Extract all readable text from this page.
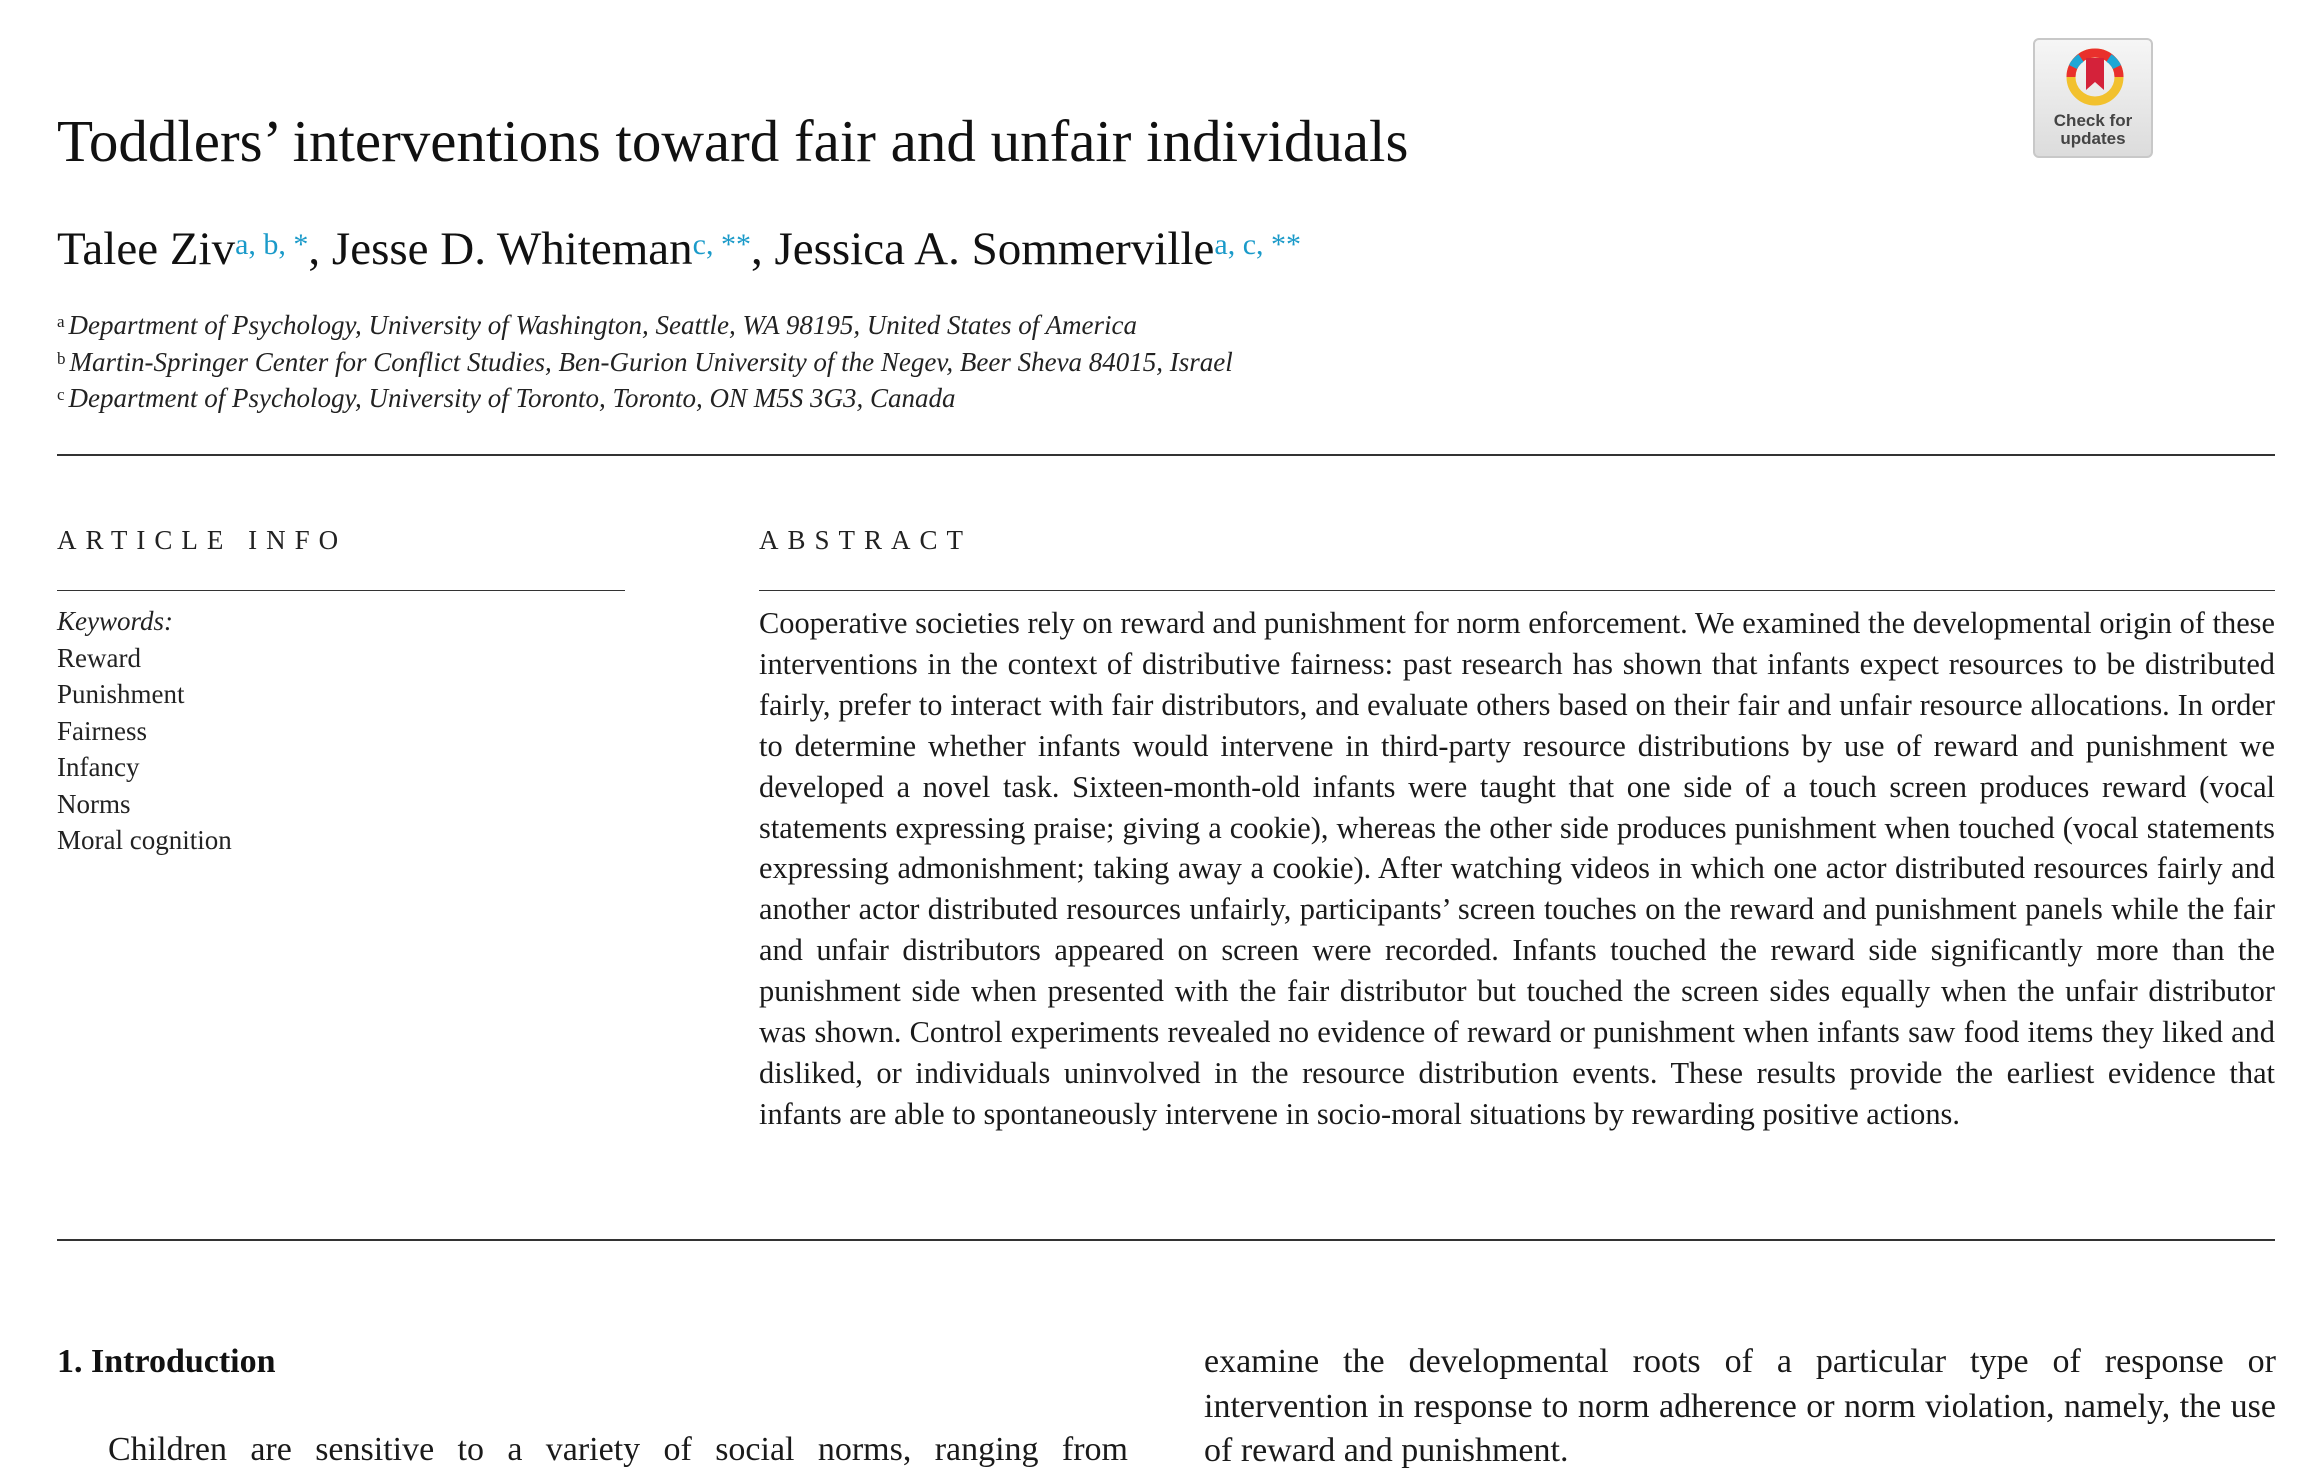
Toddlers’ interventions toward fair and unfair individuals
Talee Ziv$^{a, b, *}$, Jesse D. Whiteman$^{c, **}$, Jessica A. Sommerville$^{a, c, **}$
$^a$ Department of Psychology, University of Washington, Seattle, WA 98195, United States of America
$^b$ Martin-Springer Center for Conflict Studies, Ben-Gurion University of the Negev, Beer Sheva 84015, Israel
$^c$ Department of Psychology, University of Toronto, Toronto, ON M5S 3G3, Canada
Check for
updates
ARTICLE INFO
Keywords:
Reward
Punishment
Fairness
Infancy
Norms
Moral cognition
ABSTRACT
Cooperative societies rely on reward and punishment for norm enforcement. We examined the developmental origin of these interventions in the context of distributive fairness: past research has shown that infants expect resources to be distributed fairly, prefer to interact with fair distributors, and evaluate others based on their fair and unfair resource allocations. In order to determine whether infants would intervene in third-party resource distributions by use of reward and punishment we developed a novel task. Sixteen-month-old infants were taught that one side of a touch screen produces reward (vocal statements expressing praise; giving a cookie), whereas the other side produces punishment when touched (vocal statements expressing admonishment; taking away a cookie). After watching videos in which one actor distributed resources fairly and another actor distributed resources unfairly, participants’ screen touches on the reward and punishment panels while the fair and unfair distributors appeared on screen were recorded. Infants touched the reward side significantly more than the punishment side when presented with the fair distributor but touched the screen sides equally when the unfair distributor was shown. Control experiments revealed no evidence of reward or punishment when infants saw food items they liked and disliked, or individuals uninvolved in the resource distribution events. These results provide the earliest evidence that infants are able to spontaneously intervene in socio-moral situations by rewarding positive actions.
1. Introduction
Children are sensitive to a variety of social norms, ranging from
examine the developmental roots of a particular type of response or intervention in response to norm adherence or norm violation, namely, the use of reward and punishment.
